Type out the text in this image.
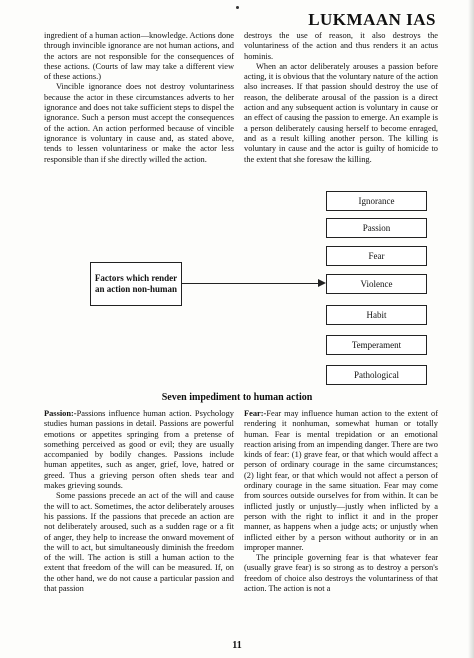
LUKMAAN IAS

ingredient of a human action—knowledge. Actions done through invincible ignorance are not human actions, and the actors are not responsible for the consequences of these actions. (Courts of law may take a different view of these actions.)

Vincible ignorance does not destroy voluntariness because the actor in these circumstances adverts to her ignorance and does not take sufficient steps to dispel the ignorance. Such a person must accept the consequences of the action. An action performed because of vincible ignorance is voluntary in cause and, as stated above, tends to lessen voluntariness or make the actor less responsible than if she directly willed the action.

destroys the use of reason, it also destroys the voluntariness of the action and thus renders it an actus hominis.

When an actor deliberately arouses a passion before acting, it is obvious that the voluntary nature of the action also increases. If that passion should destroy the use of reason, the deliberate arousal of the passion is a direct action and any subsequent action is voluntary in cause or an effect of causing the passion to emerge. An example is a person deliberately causing herself to become enraged, and as a result killing another person. The killing is voluntary in cause and the actor is guilty of homicide to the extent that she foresaw the killing.

Factors which render an action non-human
Ignorance
Passion
Fear
Violence
Habit
Temperament
Pathological
Seven impediment to human action

Passion:-Passions influence human action. Psychology studies human passions in detail. Passions are powerful emotions or appetites springing from a pretense of something perceived as good or evil; they are usually accompanied by bodily changes. Passions include human appetites, such as anger, grief, love, hatred or greed. Thus a grieving person often sheds tear and makes grieving sounds.

Some passions precede an act of the will and cause the will to act. Sometimes, the actor deliberately arouses his passions. If the passions that precede an action are not deliberately aroused, such as a sudden rage or a fit of anger, they help to increase the onward movement of the will to act, but simultaneously diminish the freedom of the will. The action is still a human action to the extent that freedom of the will can be measured. If, on the other hand, we do not cause a particular passion and that passion

Fear:-Fear may influence human action to the extent of rendering it nonhuman, somewhat human or totally human. Fear is mental trepidation or an emotional reaction arising from an impending danger. There are two kinds of fear: (1) grave fear, or that which would affect a person of ordinary courage in the same circumstances; (2) light fear, or that which would not affect a person of ordinary courage in the same situation. Fear may come from sources outside ourselves for from within. It can be inflicted justly or unjustly—justly when inflicted by a person with the right to inflict it and in the proper manner, as happens when a judge acts; or unjustly when inflicted either by a person without authority or in an improper manner.

The principle governing fear is that whatever fear (usually grave fear) is so strong as to destroy a person's freedom of choice also destroys the voluntariness of that action. The action is not a

11
